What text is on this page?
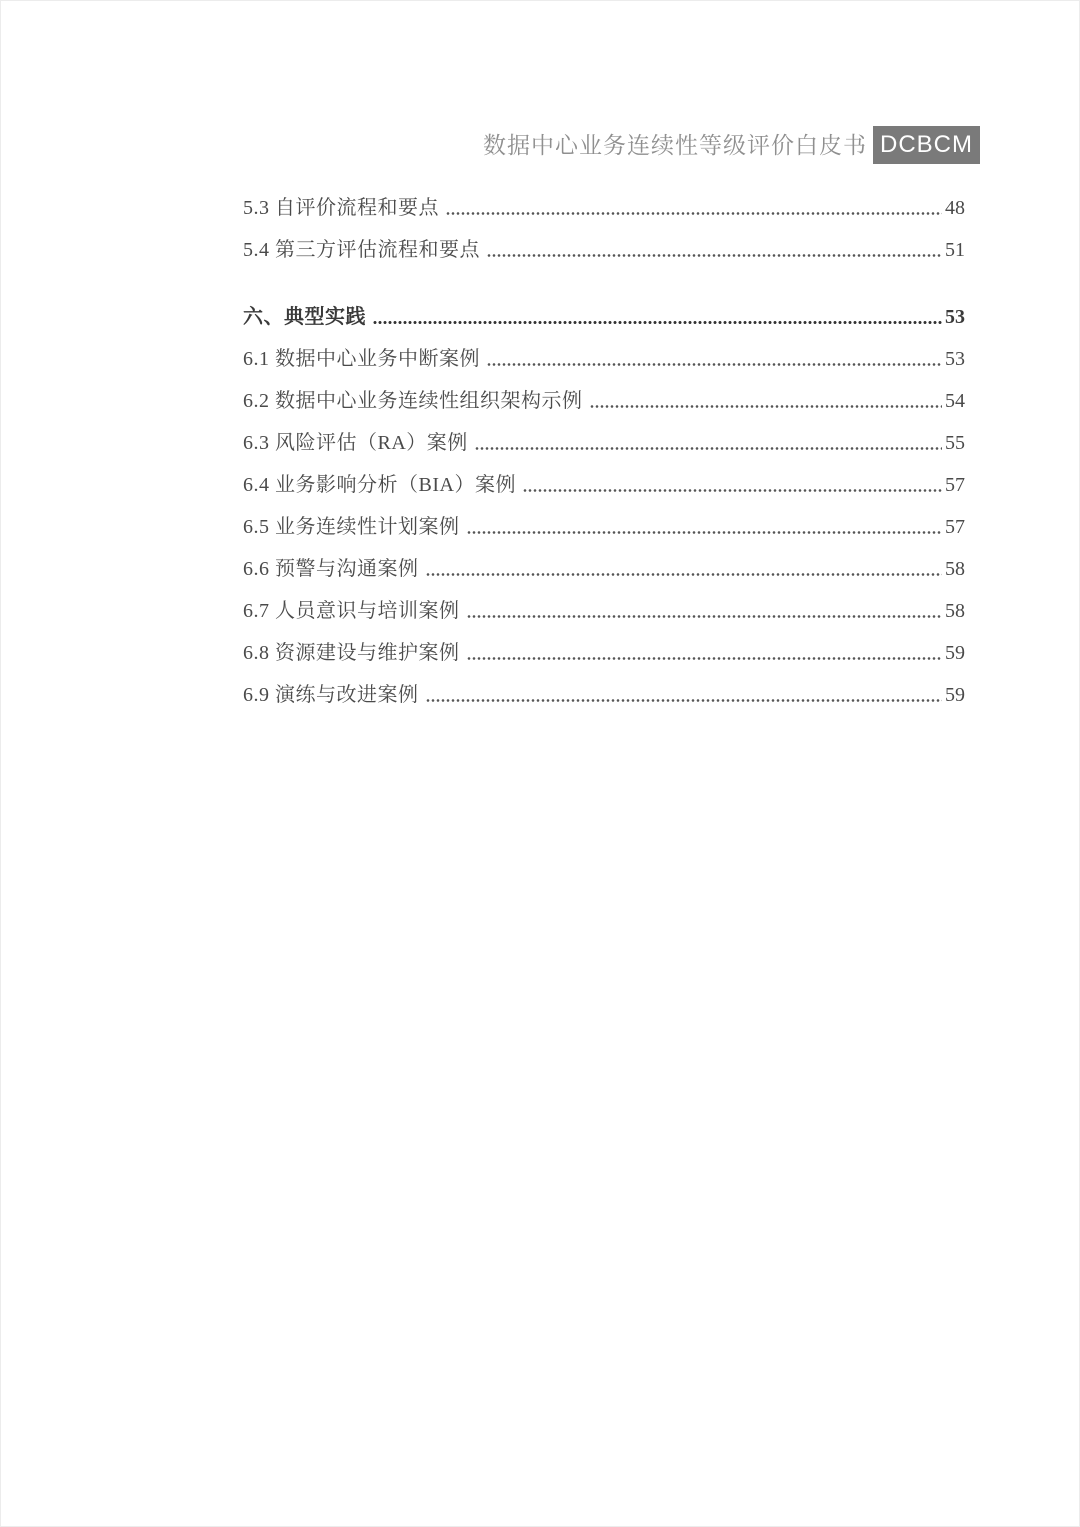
数据中心业务连续性等级评价白皮书 DCBCM
5.3 自评价流程和要点	48
5.4 第三方评估流程和要点	51
六、典型实践	53
6.1 数据中心业务中断案例	53
6.2 数据中心业务连续性组织架构示例	54
6.3 风险评估（RA）案例	55
6.4 业务影响分析（BIA）案例	57
6.5 业务连续性计划案例	57
6.6 预警与沟通案例	58
6.7 人员意识与培训案例	58
6.8 资源建设与维护案例	59
6.9 演练与改进案例	59
